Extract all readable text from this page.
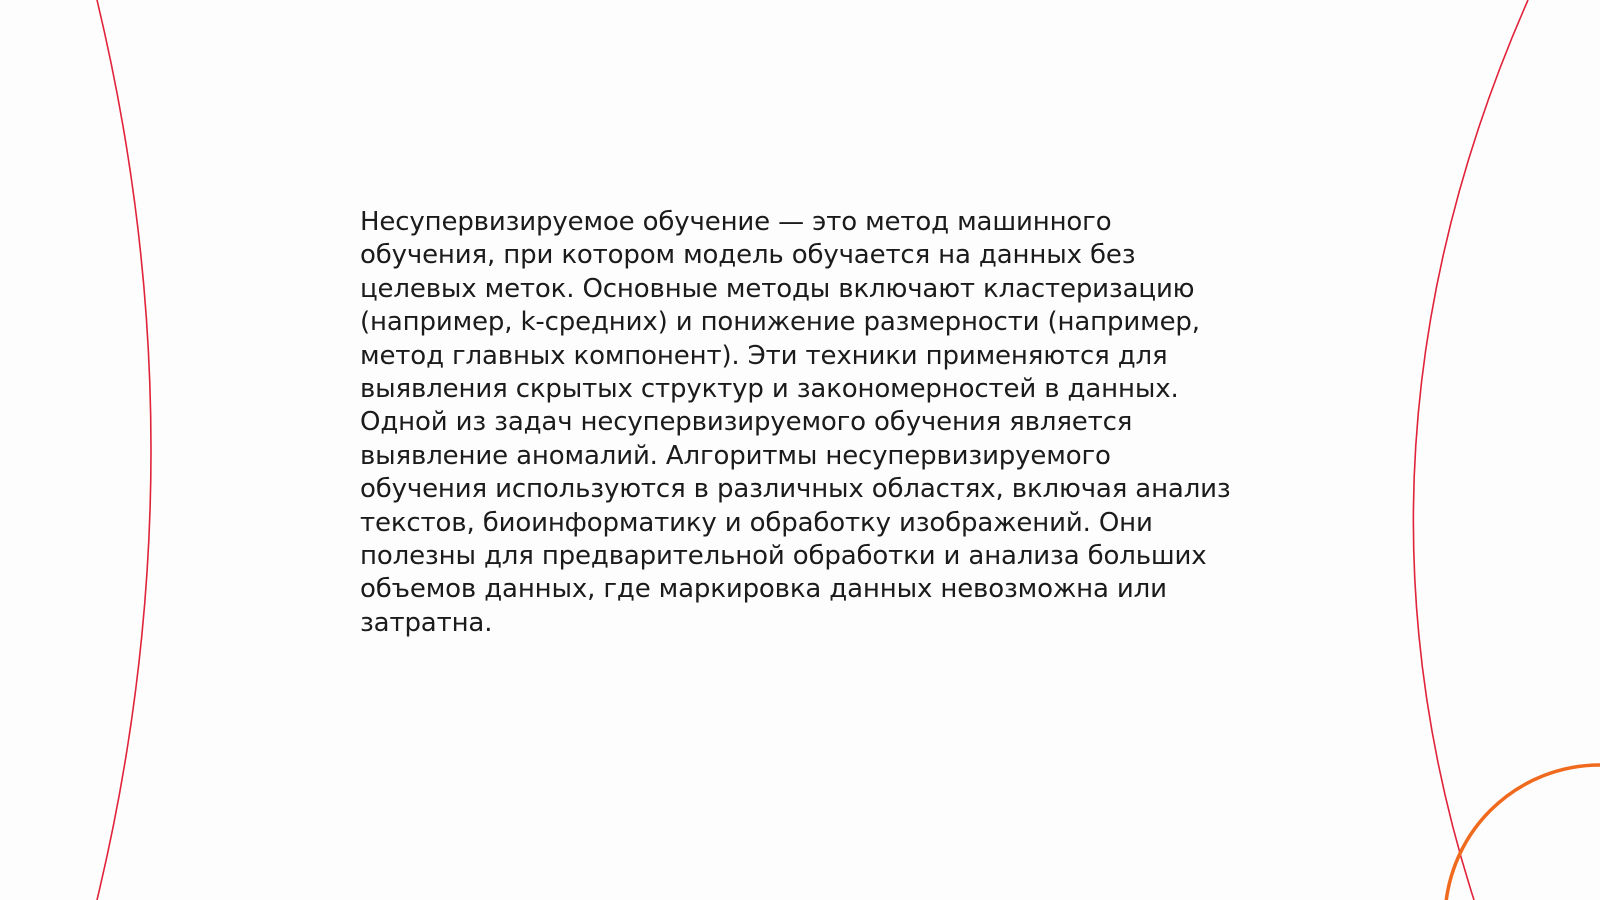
Несупервизируемое обучение — это метод машинного
обучения, при котором модель обучается на данных без
целевых меток. Основные методы включают кластеризацию
(например, k-средних) и понижение размерности (например,
метод главных компонент). Эти техники применяются для
выявления скрытых структур и закономерностей в данных.
Одной из задач несупервизируемого обучения является
выявление аномалий. Алгоритмы несупервизируемого
обучения используются в различных областях, включая анализ
текстов, биоинформатику и обработку изображений. Они
полезны для предварительной обработки и анализа больших
объемов данных, где маркировка данных невозможна или
затратна.
